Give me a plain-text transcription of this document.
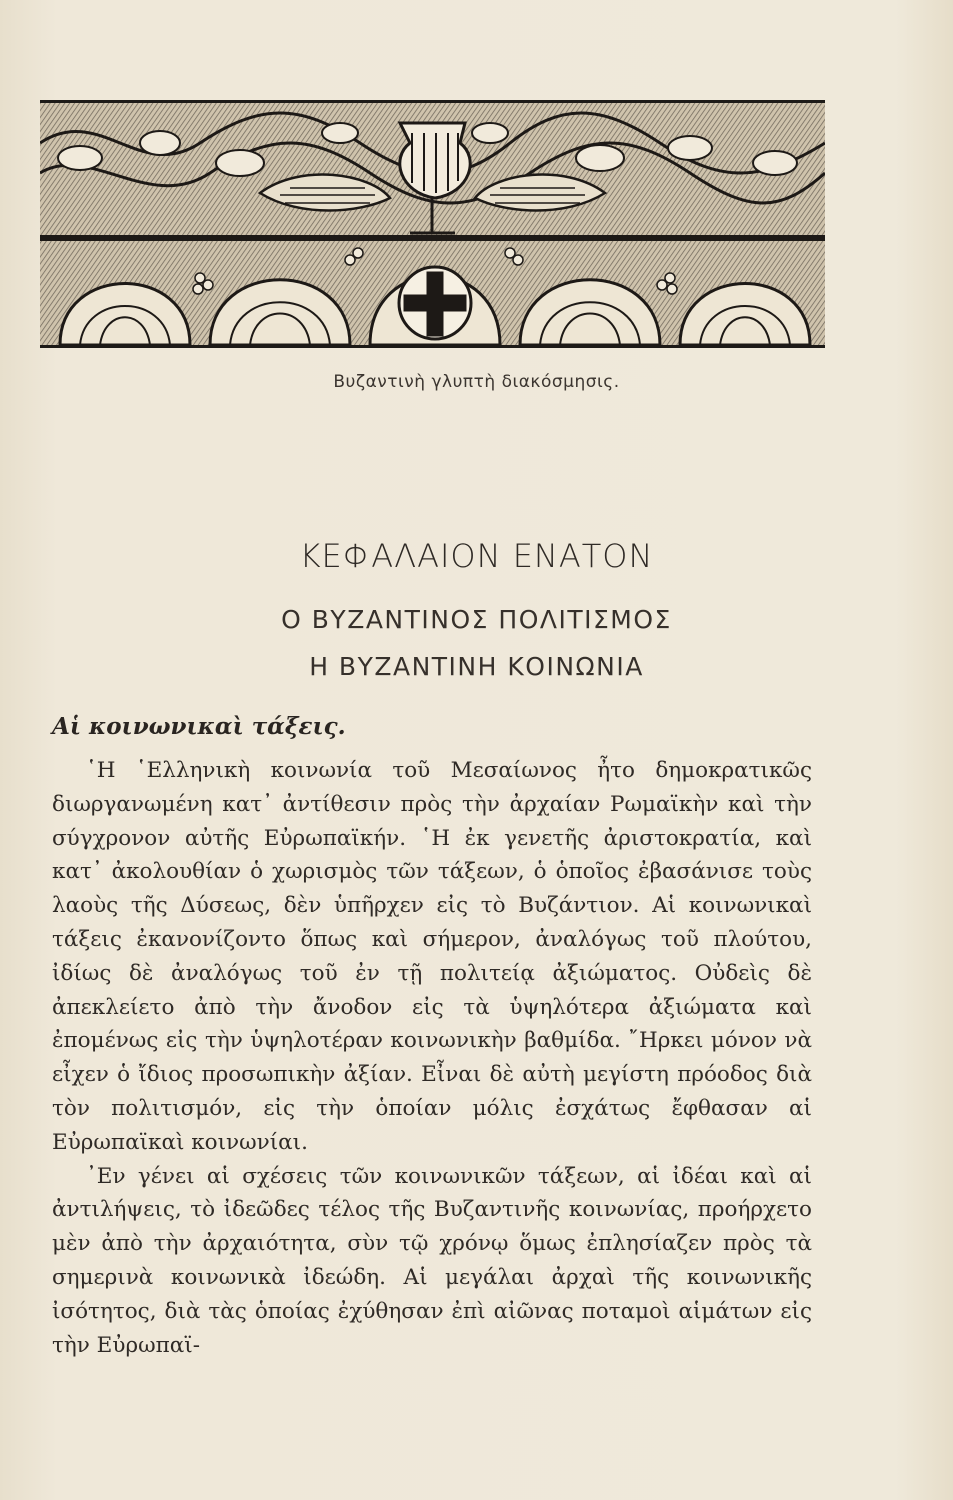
Βυζαντινὴ γλυπτὴ διακόσμησις.
ΚΕΦΑΛΑΙΟΝ ΕΝΑΤΟΝ
Ο ΒΥΖΑΝΤΙΝΟΣ ΠΟΛΙΤΙΣΜΟΣ
Η ΒΥΖΑΝΤΙΝΗ ΚΟΙΝΩΝΙΑ
Αἱ κοινωνικαὶ τάξεις.

῾Η ῾Ελληνικὴ κοινωνία τοῦ Μεσαίωνος ἦτο δημοκρατικῶς διωργανωμένη κατ᾽ ἀντίθεσιν πρὸς τὴν ἀρχαίαν Ρωμαϊκὴν καὶ τὴν σύγχρονον αὐτῆς Εὐρωπαϊκήν. ῾Η ἐκ γενετῆς ἀριστοκρατία, καὶ κατ᾽ ἀκολουθίαν ὁ χωρισμὸς τῶν τάξεων, ὁ ὁποῖος ἐβασάνισε τοὺς λαοὺς τῆς Δύσεως, δὲν ὑπῆρχεν εἰς τὸ Βυζάντιον. Αἱ κοινωνικαὶ τάξεις ἐκανονίζοντο ὅπως καὶ σήμερον, ἀναλόγως τοῦ πλούτου, ἰδίως δὲ ἀναλόγως τοῦ ἐν τῇ πολιτείᾳ ἀξιώματος. Οὐδεὶς δὲ ἀπεκλείετο ἀπὸ τὴν ἄνοδον εἰς τὰ ὑψηλότερα ἀξιώματα καὶ ἐπομένως εἰς τὴν ὑψηλοτέραν κοινωνικὴν βαθμίδα. ῎Ηρκει μόνον νὰ εἶχεν ὁ ἴδιος προσωπικὴν ἀξίαν. Εἶναι δὲ αὐτὴ μεγίστη πρόοδος διὰ τὸν πολιτισμόν, εἰς τὴν ὁποίαν μόλις ἐσχάτως ἔφθασαν αἱ Εὐρωπαϊκαὶ κοινωνίαι.

᾽Εν γένει αἱ σχέσεις τῶν κοινωνικῶν τάξεων, αἱ ἰδέαι καὶ αἱ ἀντιλήψεις, τὸ ἰδεῶδες τέλος τῆς Βυζαντινῆς κοινωνίας, προήρχετο μὲν ἀπὸ τὴν ἀρχαιότητα, σὺν τῷ χρόνῳ ὅμως ἐπλησίαζεν πρὸς τὰ σημερινὰ κοινωνικὰ ἰδεώδη. Αἱ μεγάλαι ἀρχαὶ τῆς κοινωνικῆς ἰσότητος, διὰ τὰς ὁποίας ἐχύθησαν ἐπὶ αἰῶνας ποταμοὶ αἱμάτων εἰς τὴν Εὐρωπαϊ-
